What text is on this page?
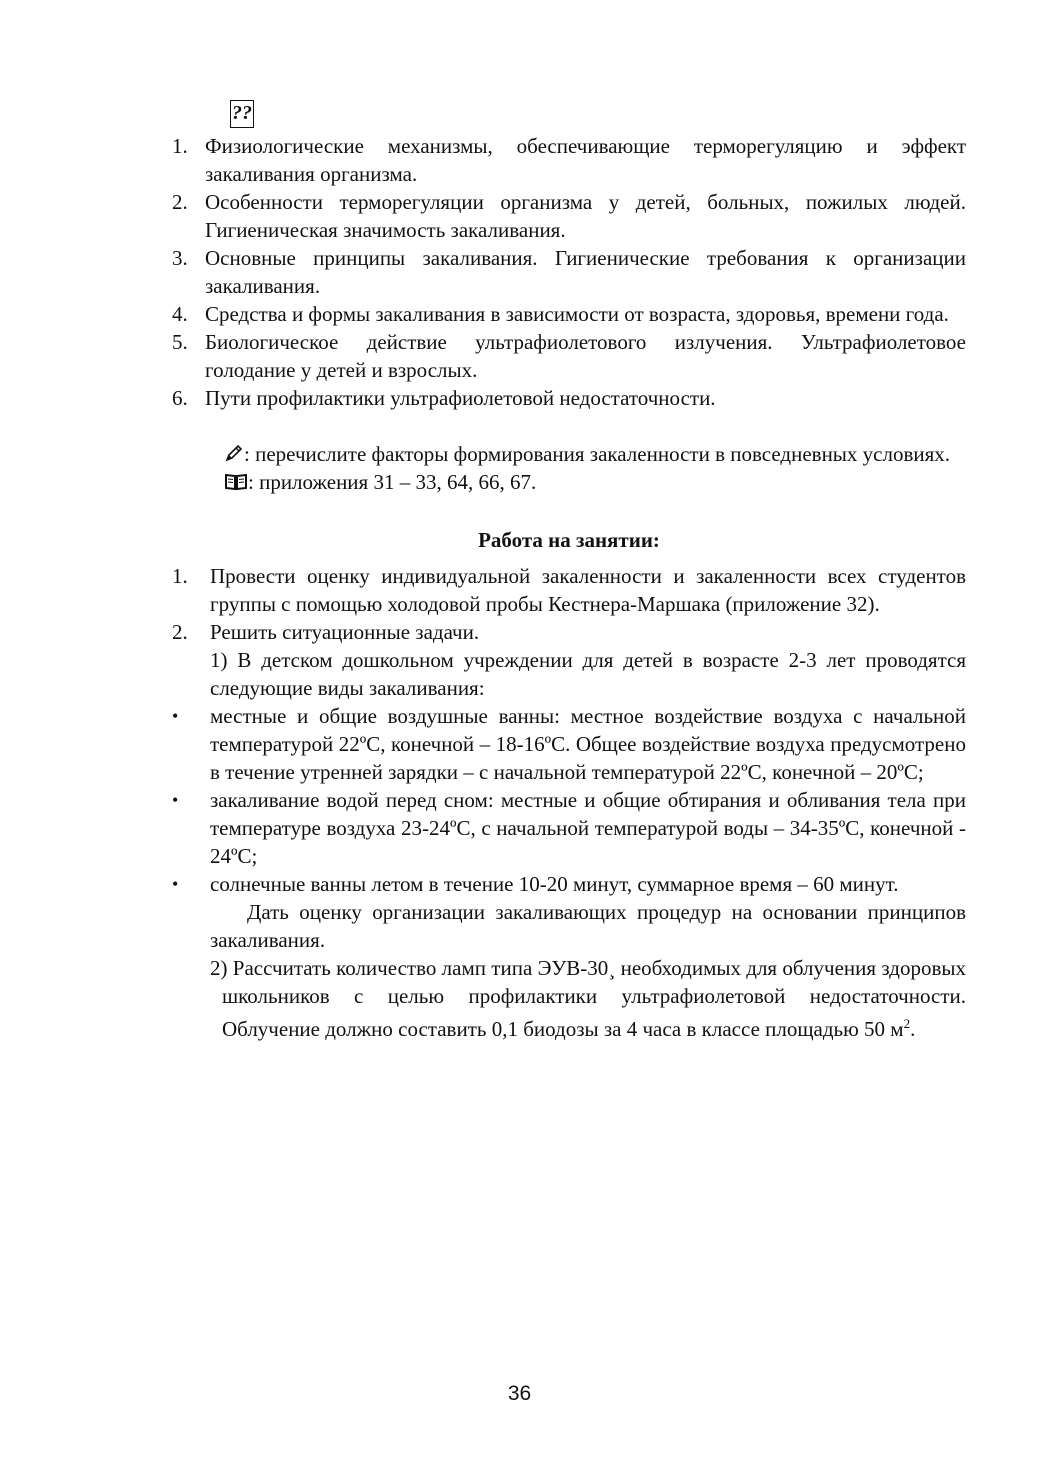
??
1. Физиологические механизмы, обеспечивающие терморегуляцию и эффект закаливания организма.
2. Особенности терморегуляции организма у детей, больных, пожилых людей. Гигиеническая значимость закаливания.
3. Основные принципы закаливания. Гигиенические требования к организации закаливания.
4. Средства и формы закаливания в зависимости от возраста, здоровья, времени года.
5. Биологическое действие ультрафиолетового излучения. Ультрафиолетовое голодание у детей и взрослых.
6. Пути профилактики ультрафиолетовой недостаточности.
: перечислите факторы формирования закаленности в повседневных условиях.
: приложения 31 – 33, 64, 66, 67.
Работа на занятии:
1.	Провести оценку индивидуальной закаленности и закаленности всех студентов группы с помощью холодовой пробы Кестнера-Маршака (приложение 32).
2.	Решить ситуационные задачи.
1) В детском дошкольном учреждении для детей в возрасте 2-3 лет проводятся следующие виды закаливания:
•	местные и общие воздушные ванны: местное воздействие воздуха с начальной температурой 22ºС, конечной – 18-16ºС. Общее воздействие воздуха предусмотрено в течение утренней зарядки – с начальной температурой 22ºС, конечной – 20ºС;
•	закаливание водой перед сном: местные и общие обтирания и обливания тела при температуре воздуха 23-24ºС, с начальной температурой воды – 34-35ºС, конечной - 24ºС;
•	солнечные ванны летом в течение 10-20 минут, суммарное время – 60 минут.
Дать оценку организации закаливающих процедур на основании принципов закаливания.
2) Рассчитать количество ламп типа ЭУВ-30¸ необходимых для облучения здоровых школьников с целью профилактики ультрафиолетовой недостаточности. Облучение должно составить 0,1 биодозы за 4 часа в классе площадью 50 $м^2$.
36
